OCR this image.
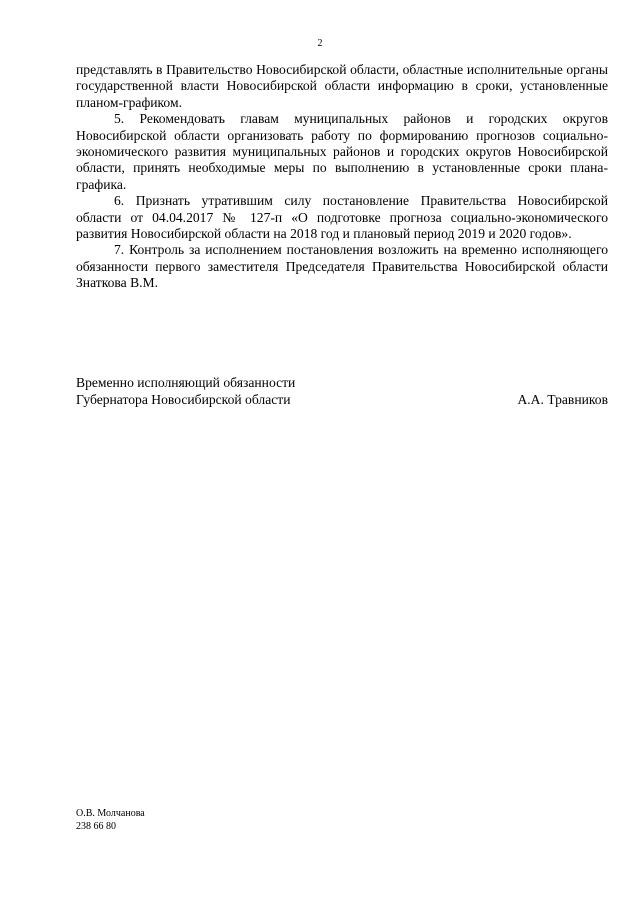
2

представлять в Правительство Новосибирской области, областные исполнительные органы государственной власти Новосибирской области информацию в сроки, установленные планом-графиком.

5. Рекомендовать главам муниципальных районов и городских округов Новосибирской области организовать работу по формированию прогнозов социально-экономического развития муниципальных районов и городских округов Новосибирской области, принять необходимые меры по выполнению в установленные сроки плана-графика.

6. Признать утратившим силу постановление Правительства Новосибирской области от 04.04.2017 № 127-п «О подготовке прогноза социально-экономического развития Новосибирской области на 2018 год и плановый период 2019 и 2020 годов».

7. Контроль за исполнением постановления возложить на временно исполняющего обязанности первого заместителя Председателя Правительства Новосибирской области Знаткова В.М.

Временно исполняющий обязанности
Губернатора Новосибирской области	А.А. Травников
О.В. Молчанова
238 66 80
